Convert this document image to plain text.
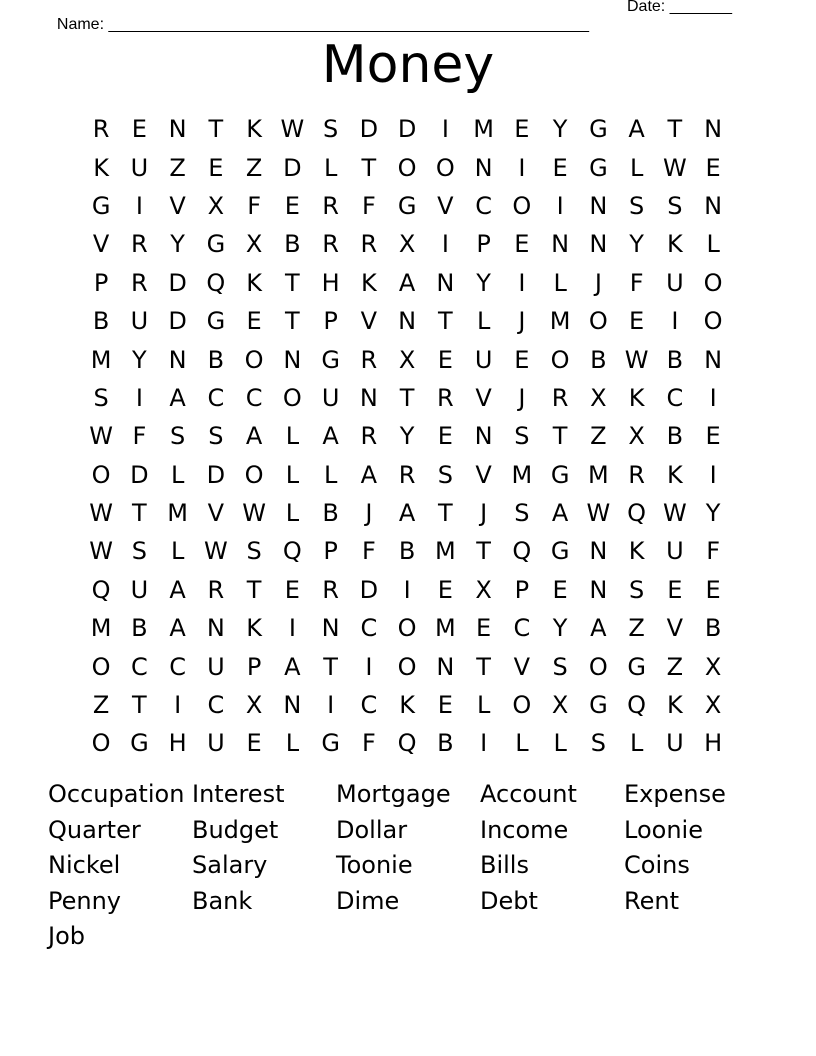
Name: ______________________________________________________

Date: _______

Money
R E N T K W S D D	I	M E Y G A T N
K U Z E Z D L	T O O N	I	E G L W E
G	I	V X F E R F G V C O	I	N S S N
V R Y G X B R R X	I	P E N N Y K L
P R D Q K T H K A N Y	I	L	J	F U O
B U D G E T P V N T	L	J	M O E	I	O
M Y N B O N G R X E U E O B W B N
S	I	A C C O U N T R V	J	R X K C	I
W F S S A L A R Y E N S T Z X B E
O D L D O L	L A R S V M G M R K	I
W T M V W L B	J	A T	J	S A W Q W Y
W S L W S Q P	F B M T Q G N K U F
Q U A R T E R D	I	E X P E N S E E
M B A N K	I	N C O M E C Y A Z V B
O C C U P A T	I	O N T V S O G Z X
Z T	I	C X N	I	C K E L O X G Q K X
O G H U E L G F Q B	I	L	L S L U H
Occupation Interest	Mortgage	Account	Expense
Quarter	Budget	Dollar	Income	Loonie
Nickel	Salary	Toonie	Bills	Coins
Penny	Bank	Dime	Debt	Rent
Job
